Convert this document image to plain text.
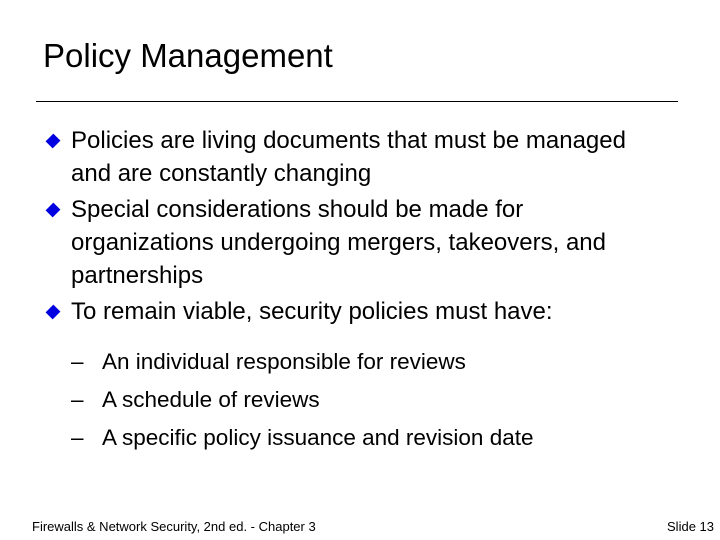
Policy Management
Policies are living documents that must be managed and are constantly changing
Special considerations should be made for organizations undergoing mergers, takeovers, and partnerships
To remain viable, security policies must have:
– An individual responsible for reviews
– A schedule of reviews
– A specific policy issuance and revision date
Firewalls & Network Security, 2nd ed. - Chapter 3	Slide 13
